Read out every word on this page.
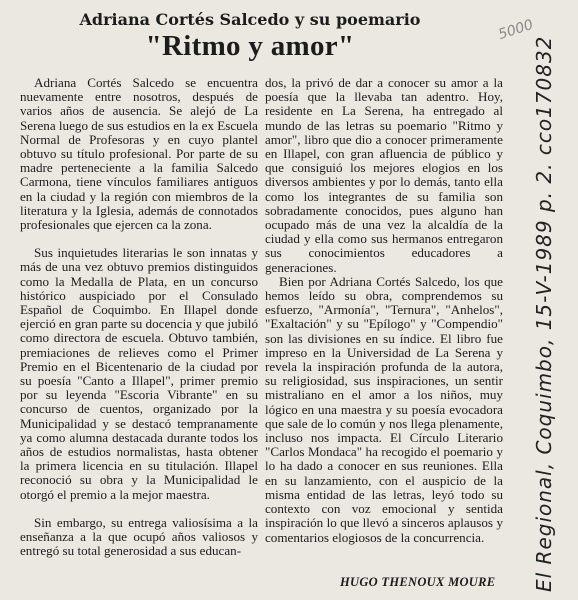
Adriana Cortés Salcedo y su poemario
"Ritmo y amor"

Adriana Cortés Salcedo se encuentra nuevamente entre nosotros, después de varios años de ausencia. Se alejó de La Serena luego de sus estudios en la ex Escuela Normal de Profesoras y en cuyo plantel obtuvo su título profesional. Por parte de su madre perteneciente a la familia Salcedo Carmona, tiene vínculos familiares antiguos en la ciudad y la región con miembros de la literatura y la Iglesia, además de connotados profesionales que ejercen ca la zona.

Sus inquietudes literarias le son innatas y más de una vez obtuvo premios distinguidos como la Medalla de Plata, en un concurso histórico auspiciado por el Consulado Español de Coquimbo. En Illapel donde ejerció en gran parte su docencia y que jubiló como directora de escuela. Obtuvo también, premiaciones de relieves como el Primer Premio en el Bicentenario de la ciudad por su poesía "Canto a Illapel", primer premio por su leyenda "Escoria Vibrante" en su concurso de cuentos, organizado por la Municipalidad y se destacó tempranamente ya como alumna destacada durante todos los años de estudios normalistas, hasta obtener la primera licencia en su titulación. Illapel reconoció su obra y la Municipalidad le otorgó el premio a la mejor maestra.

Sin embargo, su entrega valiosísima a la enseñanza a la que ocupó años valiosos y entregó su total generosidad a sus educan-

dos, la privó de dar a conocer su amor a la poesía que la llevaba tan adentro. Hoy, residente en La Serena, ha entregado al mundo de las letras su poemario "Ritmo y amor", libro que dio a conocer primeramente en Illapel, con gran afluencia de público y que consiguió los mejores elogios en los diversos ambientes y por lo demás, tanto ella como los integrantes de su familia son sobradamente conocidos, pues alguno han ocupado más de una vez la alcaldía de la ciudad y ella como sus hermanos entregaron sus conocimientos educadores a generaciones.

Bien por Adriana Cortés Salcedo, los que hemos leído su obra, comprendemos su esfuerzo, "Armonía", "Ternura", "Anhelos", "Exaltación" y su "Epílogo" y "Compendio" son las divisiones en su índice. El libro fue impreso en la Universidad de La Serena y revela la inspiración profunda de la autora, su religiosidad, sus inspiraciones, un sentir mistraliano en el amor a los niños, muy lógico en una maestra y su poesía evocadora que sale de lo común y nos llega plenamente, incluso nos impacta. El Círculo Literario "Carlos Mondaca" ha recogido el poemario y lo ha dado a conocer en sus reuniones. Ella en su lanzamiento, con el auspicio de la misma entidad de las letras, leyó todo su contexto con voz emocional y sentida inspiración lo que llevó a sinceros aplausos y comentarios elogiosos de la concurrencia.

HUGO THENOUX MOURE El Regional, Coquimbo, 15-V-1989 p. 2. cco170832
5000
